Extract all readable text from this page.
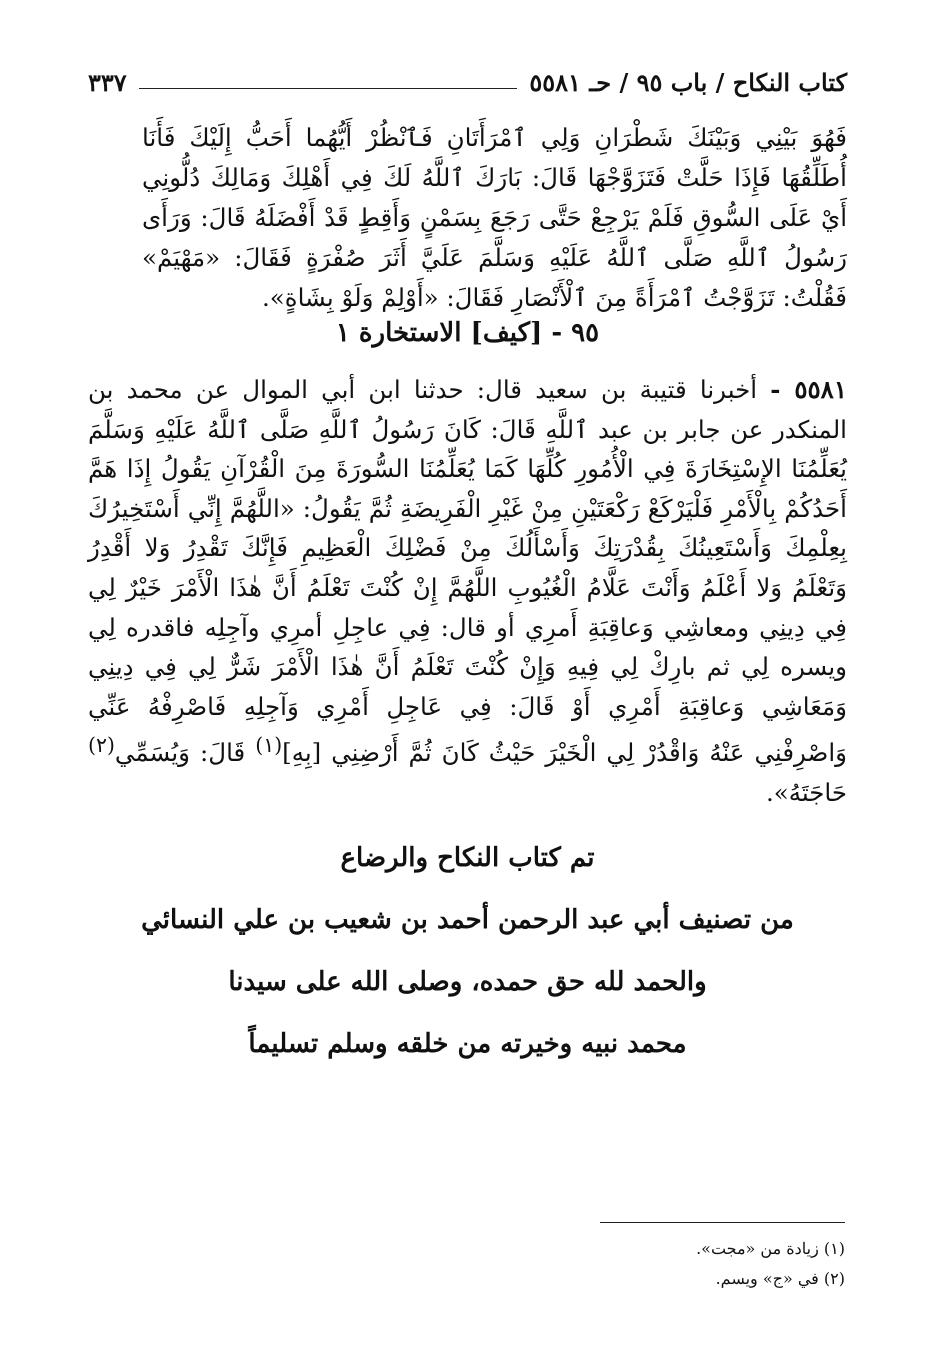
كتاب النكاح / باب ٩٥ / حـ ٥٥٨١
٣٣٧

فَهُوَ بَيْنِي وَبَيْنَكَ شَطْرَانِ وَلِي ٱمْرَأَتَانِ فَٱنْظُرْ أَيُّهُما أَحَبُّ إِلَيْكَ فَأَنَا أُطَلِّقُهَا فَإِذَا حَلَّتْ فَتَزَوَّجْهَا قَالَ: بَارَكَ ٱللَّهُ لَكَ فِي أَهْلِكَ وَمَالِكَ دُلُّونِي أَيْ عَلَى السُّوقِ فَلَمْ يَرْجِعْ حَتَّى رَجَعَ بِسَمْنٍ وَأَقِطٍ قَدْ أَفْضَلَهُ قَالَ: وَرَأَى رَسُولُ ٱللَّهِ صَلَّى ٱللَّهُ عَلَيْهِ وَسَلَّمَ عَلَيَّ أَثَرَ صُفْرَةٍ فَقَالَ: «مَهْيَمْ» فَقُلْتُ: تَزَوَّجْتُ ٱمْرَأَةً مِنَ ٱلْأَنْصَارِ فَقَالَ: «أَوْلِمْ وَلَوْ بِشَاةٍ».

٩٥ - [كيف] الاستخارة ١

٥٥٨١ - أخبرنا قتيبة بن سعيد قال: حدثنا ابن أبي الموال عن محمد بن المنكدر عن جابر بن عبد ٱللَّهِ قَالَ: كَانَ رَسُولُ ٱللَّهِ صَلَّى ٱللَّهُ عَلَيْهِ وَسَلَّمَ يُعَلِّمُنَا الإِسْتِخَارَةَ فِي الْأُمُورِ كُلِّهَا كَمَا يُعَلِّمُنَا السُّورَةَ مِنَ الْقُرْآنِ يَقُولُ إِذَا هَمَّ أَحَدُكُمْ بِالْأَمْرِ فَلْيَرْكَعْ رَكْعَتَيْنِ مِنْ غَيْرِ الْفَرِيضَةِ ثُمَّ يَقُولُ: «اللَّهُمَّ إِنِّي أَسْتَخِيرُكَ بِعِلْمِكَ وَأَسْتَعِينُكَ بِقُدْرَتِكَ وَأَسْأَلُكَ مِنْ فَضْلِكَ الْعَظِيمِ فَإِنَّكَ تَقْدِرُ وَلا أَقْدِرُ وَتَعْلَمُ وَلا أَعْلَمُ وَأَنْتَ عَلَّامُ الْغُيُوبِ اللَّهُمَّ إِنْ كُنْتَ تَعْلَمُ أَنَّ هٰذَا الْأَمْرَ خَيْرٌ لِي فِي دِينِي ومعاشِي وَعاقِبَةِ أَمرِي أو قال: فِي عاجِلِ أمرِي وآجِلِه فاقدره لِي ويسره لِي ثم بارِكْ لِي فِيهِ وَإِنْ كُنْتَ تَعْلَمُ أَنَّ هٰذَا الْأَمْرَ شَرٌّ لِي فِي دِينِي وَمَعَاشِي وَعاقِبَةِ أَمْرِي أَوْ قَالَ: فِي عَاجِلِ أَمْرِي وَآجِلِهِ فَاصْرِفْهُ عَنِّي وَاصْرِفْنِي عَنْهُ وَاقْدُرْ لِي الْخَيْرَ حَيْثُ كَانَ ثُمَّ أَرْضِنِي [بِهِ]$^{(١)}$ قَالَ: وَيُسَمِّي$^{(٢)}$ حَاجَتَهُ».

تم كتاب النكاح والرضاع
من تصنيف أبي عبد الرحمن أحمد بن شعيب بن علي النسائي
والحمد لله حق حمده، وصلى الله على سيدنا
محمد نبيه وخيرته من خلقه وسلم تسليماً
(١) زيادة من «مجت».
(٢) في «ج» ويسم.
